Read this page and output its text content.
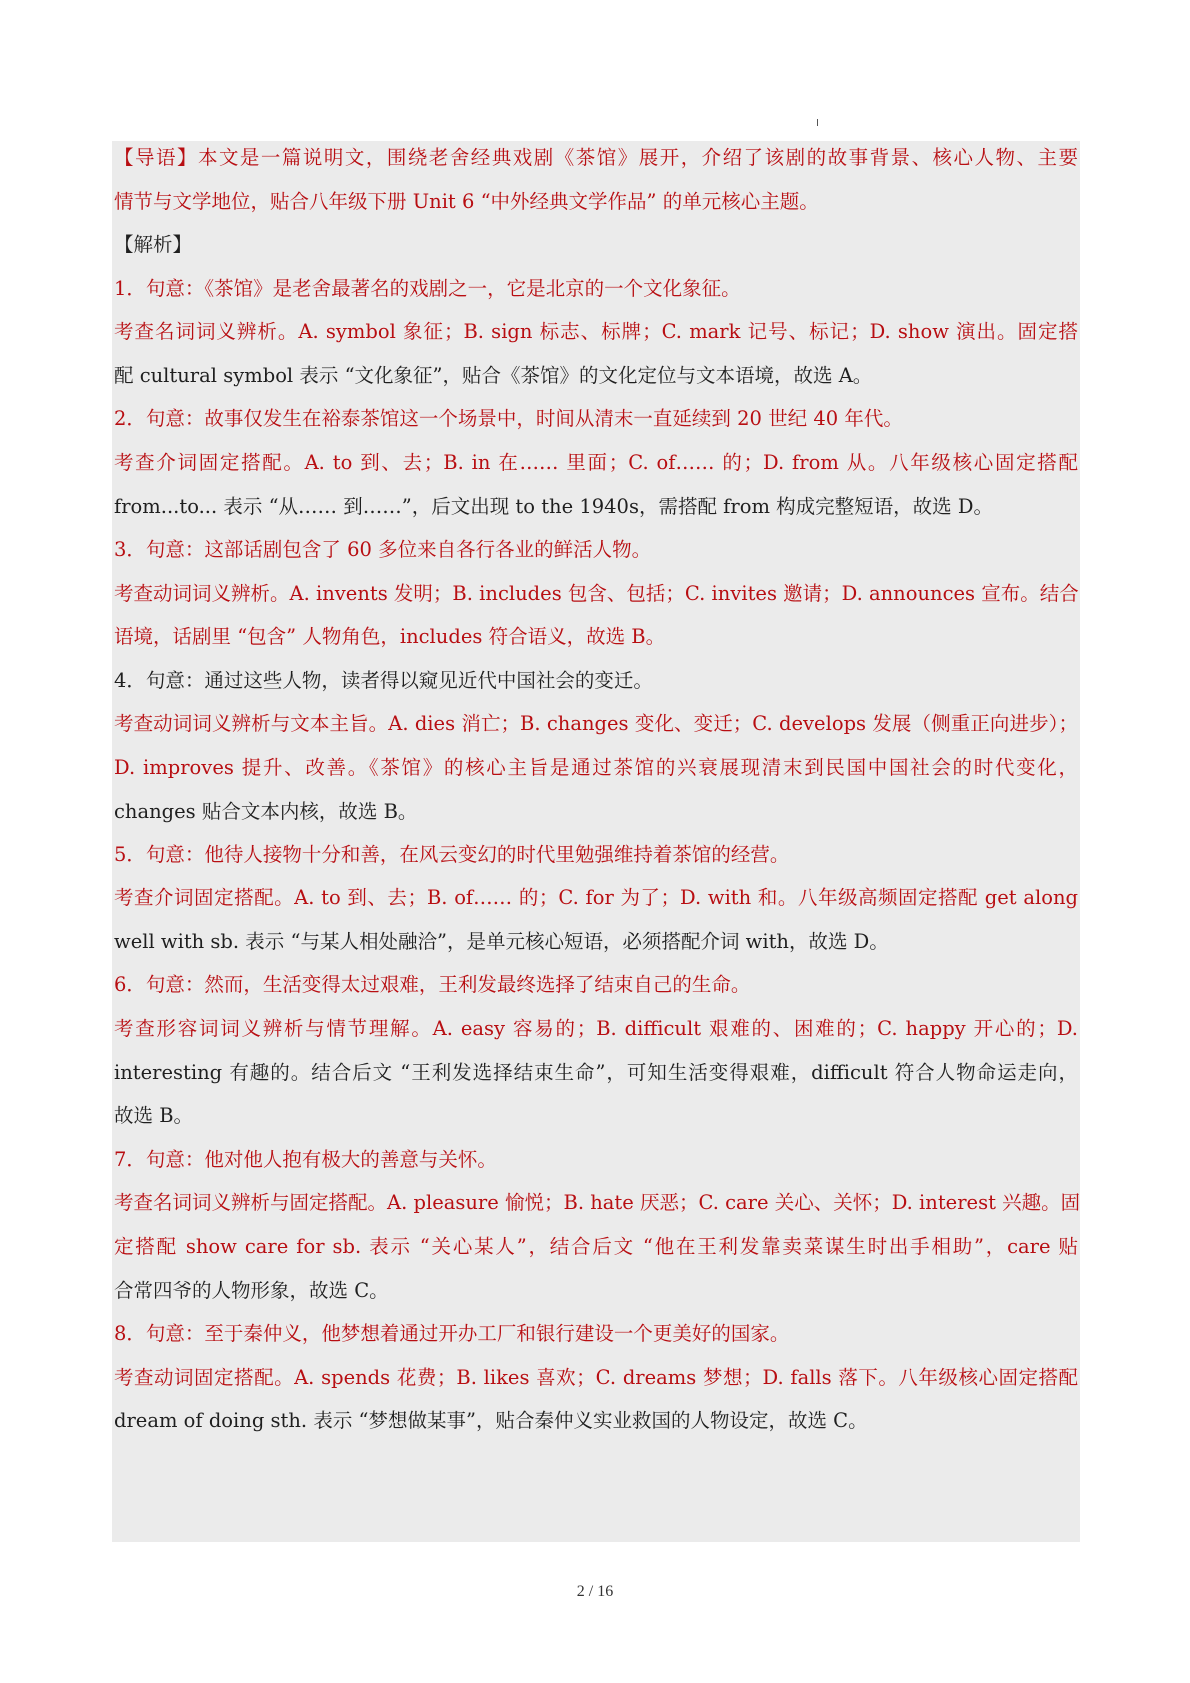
【导语】本文是一篇说明文，围绕老舍经典戏剧《茶馆》展开，介绍了该剧的故事背景、核心人物、主要
情节与文学地位，贴合八年级下册 Unit 6 “中外经典文学作品” 的单元核心主题。
【解析】
1．句意：《茶馆》是老舍最著名的戏剧之一，它是北京的一个文化象征。
考查名词词义辨析。A. symbol 象征；B. sign 标志、标牌；C. mark 记号、标记；D. show 演出。固定搭
配 cultural symbol 表示 “文化象征”，贴合《茶馆》的文化定位与文本语境，故选 A。
2．句意：故事仅发生在裕泰茶馆这一个场景中，时间从清末一直延续到 20 世纪 40 年代。
考查介词固定搭配。A. to 到、去；B. in 在…… 里面；C. of…… 的；D. from 从。八年级核心固定搭配
from...to... 表示 “从…… 到……”，后文出现 to the 1940s，需搭配 from 构成完整短语，故选 D。
3．句意：这部话剧包含了 60 多位来自各行各业的鲜活人物。
考查动词词义辨析。A. invents 发明；B. includes 包含、包括；C. invites 邀请；D. announces 宣布。结合
语境，话剧里 “包含” 人物角色，includes 符合语义，故选 B。
4．句意：通过这些人物，读者得以窥见近代中国社会的变迁。
考查动词词义辨析与文本主旨。A. dies 消亡；B. changes 变化、变迁；C. develops 发展（侧重正向进步）；
D. improves 提升、改善。《茶馆》的核心主旨是通过茶馆的兴衰展现清末到民国中国社会的时代变化，
changes 贴合文本内核，故选 B。
5．句意：他待人接物十分和善，在风云变幻的时代里勉强维持着茶馆的经营。
考查介词固定搭配。A. to 到、去；B. of…… 的；C. for 为了；D. with 和。八年级高频固定搭配 get along
well with sb. 表示 “与某人相处融洽”，是单元核心短语，必须搭配介词 with，故选 D。
6．句意：然而，生活变得太过艰难，王利发最终选择了结束自己的生命。
考查形容词词义辨析与情节理解。A. easy 容易的；B. difficult 艰难的、困难的；C. happy 开心的；D.
interesting 有趣的。结合后文 “王利发选择结束生命”，可知生活变得艰难，difficult 符合人物命运走向，
故选 B。
7．句意：他对他人抱有极大的善意与关怀。
考查名词词义辨析与固定搭配。A. pleasure 愉悦；B. hate 厌恶；C. care 关心、关怀；D. interest 兴趣。固
定搭配 show care for sb. 表示 “关心某人”，结合后文 “他在王利发靠卖菜谋生时出手相助”，care 贴
合常四爷的人物形象，故选 C。
8．句意：至于秦仲义，他梦想着通过开办工厂和银行建设一个更美好的国家。
考查动词固定搭配。A. spends 花费；B. likes 喜欢；C. dreams 梦想；D. falls 落下。八年级核心固定搭配
dream of doing sth. 表示 “梦想做某事”，贴合秦仲义实业救国的人物设定，故选 C。
2 / 16
